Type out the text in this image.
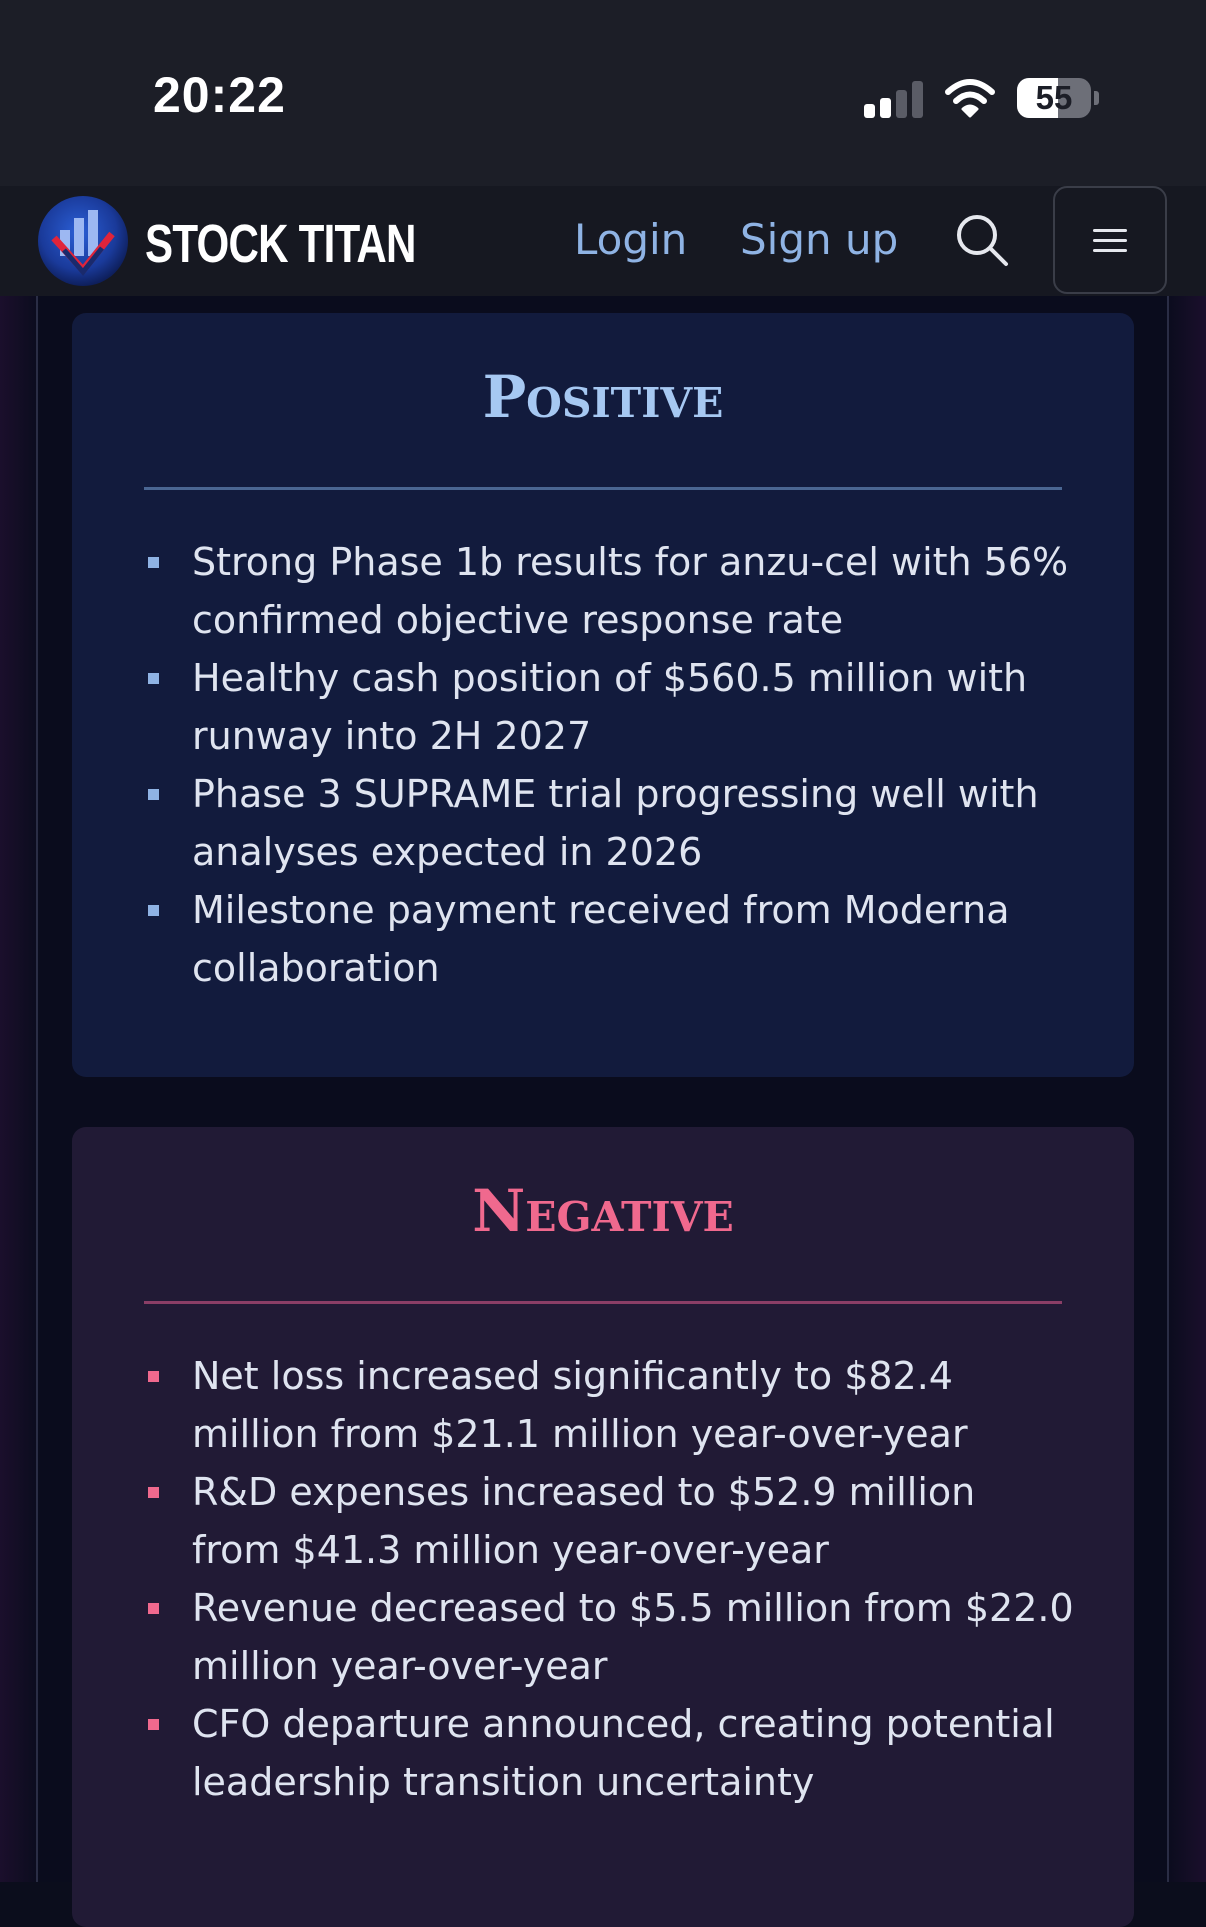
20:22	55
STOCK TITAN	Login Sign up
Positive
Strong Phase 1b results for anzu-cel with 56% confirmed objective response rate
Healthy cash position of $560.5 million with runway into 2H 2027
Phase 3 SUPRAME trial progressing well with analyses expected in 2026
Milestone payment received from Moderna collaboration
Negative
Net loss increased significantly to $82.4 million from $21.1 million year-over-year
R&D expenses increased to $52.9 million from $41.3 million year-over-year
Revenue decreased to $5.5 million from $22.0 million year-over-year
CFO departure announced, creating potential leadership transition uncertainty
